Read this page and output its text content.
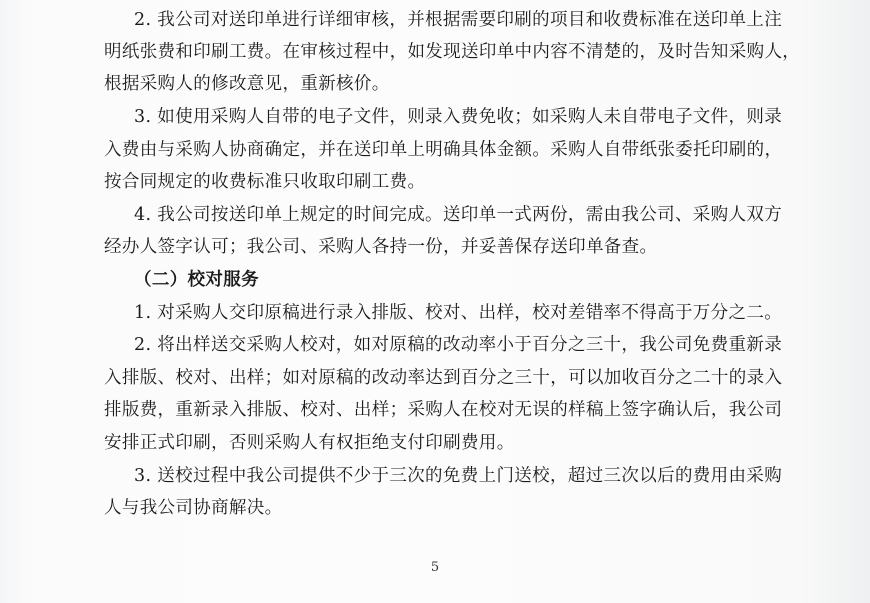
2. 我公司对送印单进行详细审核，并根据需要印刷的项目和收费标准在送印单上注
明纸张费和印刷工费。在审核过程中，如发现送印单中内容不清楚的，及时告知采购人，
根据采购人的修改意见，重新核价。
3. 如使用采购人自带的电子文件，则录入费免收；如采购人未自带电子文件，则录
入费由与采购人协商确定，并在送印单上明确具体金额。采购人自带纸张委托印刷的，
按合同规定的收费标准只收取印刷工费。
4. 我公司按送印单上规定的时间完成。送印单一式两份，需由我公司、采购人双方
经办人签字认可；我公司、采购人各持一份，并妥善保存送印单备查。
（二）校对服务
1. 对采购人交印原稿进行录入排版、校对、出样，校对差错率不得高于万分之二。
2. 将出样送交采购人校对，如对原稿的改动率小于百分之三十，我公司免费重新录
入排版、校对、出样；如对原稿的改动率达到百分之三十，可以加收百分之二十的录入
排版费，重新录入排版、校对、出样；采购人在校对无误的样稿上签字确认后，我公司
安排正式印刷，否则采购人有权拒绝支付印刷费用。
3. 送校过程中我公司提供不少于三次的免费上门送校，超过三次以后的费用由采购
人与我公司协商解决。
5
